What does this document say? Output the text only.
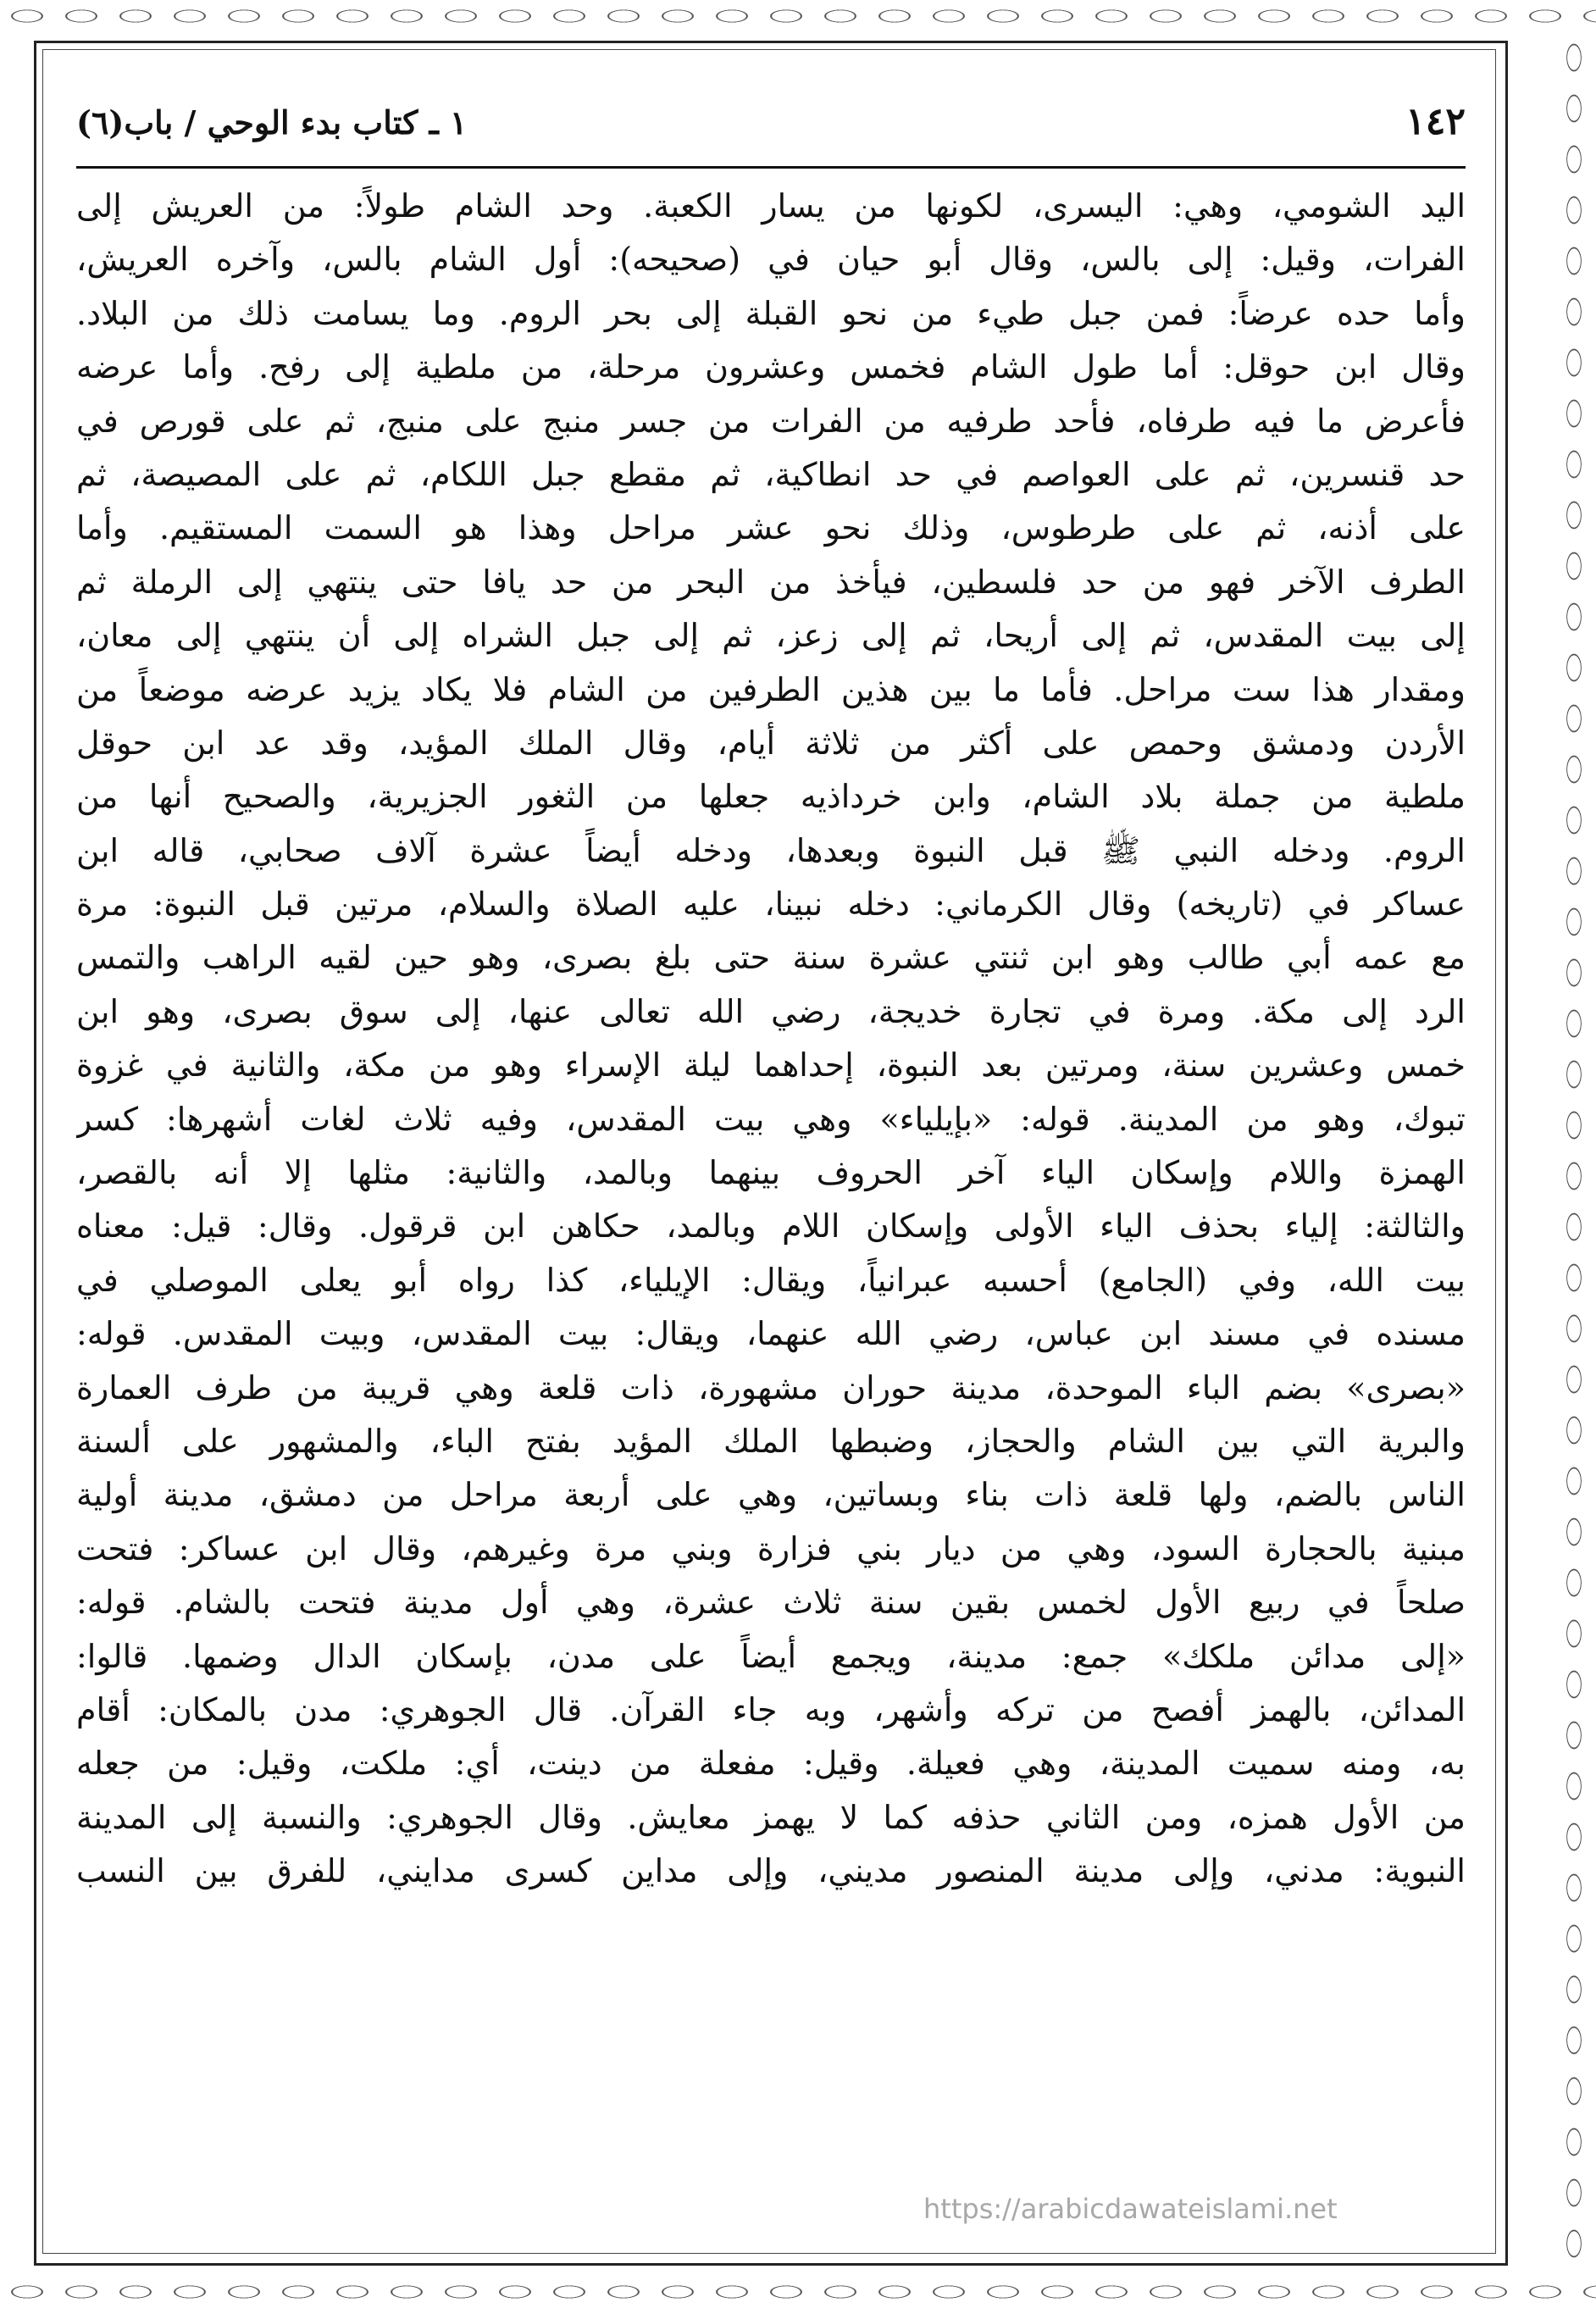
١٤٢
١ ـ كتاب بدء الوحي / باب(٦)
اليد الشومي، وهي: اليسرى، لكونها من يسار الكعبة. وحد الشام طولاً: من العريش إلى
الفرات، وقيل: إلى بالس، وقال أبو حيان في (صحيحه): أول الشام بالس، وآخره العريش،
وأما حده عرضاً: فمن جبل طيء من نحو القبلة إلى بحر الروم. وما يسامت ذلك من البلاد.
وقال ابن حوقل: أما طول الشام فخمس وعشرون مرحلة، من ملطية إلى رفح. وأما عرضه
فأعرض ما فيه طرفاه، فأحد طرفيه من الفرات من جسر منبج على منبج، ثم على قورص في
حد قنسرين، ثم على العواصم في حد انطاكية، ثم مقطع جبل اللكام، ثم على المصيصة، ثم
على أذنه، ثم على طرطوس، وذلك نحو عشر مراحل وهذا هو السمت المستقيم. وأما
الطرف الآخر فهو من حد فلسطين، فيأخذ من البحر من حد يافا حتى ينتهي إلى الرملة ثم
إلى بيت المقدس، ثم إلى أريحا، ثم إلى زعز، ثم إلى جبل الشراه إلى أن ينتهي إلى معان،
ومقدار هذا ست مراحل. فأما ما بين هذين الطرفين من الشام فلا يكاد يزيد عرضه موضعاً من
الأردن ودمشق وحمص على أكثر من ثلاثة أيام، وقال الملك المؤيد، وقد عد ابن حوقل
ملطية من جملة بلاد الشام، وابن خرداذيه جعلها من الثغور الجزيرية، والصحيح أنها من
الروم. ودخله النبي ﷺ قبل النبوة وبعدها، ودخله أيضاً عشرة آلاف صحابي، قاله ابن
عساكر في (تاريخه) وقال الكرماني: دخله نبينا، عليه الصلاة والسلام، مرتين قبل النبوة: مرة
مع عمه أبي طالب وهو ابن ثنتي عشرة سنة حتى بلغ بصرى، وهو حين لقيه الراهب والتمس
الرد إلى مكة. ومرة في تجارة خديجة، رضي الله تعالى عنها، إلى سوق بصرى، وهو ابن
خمس وعشرين سنة، ومرتين بعد النبوة، إحداهما ليلة الإسراء وهو من مكة، والثانية في غزوة
تبوك، وهو من المدينة. قوله: «بإيلياء» وهي بيت المقدس، وفيه ثلاث لغات أشهرها: كسر
الهمزة واللام وإسكان الياء آخر الحروف بينهما وبالمد، والثانية: مثلها إلا أنه بالقصر،
والثالثة: إلياء بحذف الياء الأولى وإسكان اللام وبالمد، حكاهن ابن قرقول. وقال: قيل: معناه
بيت الله، وفي (الجامع) أحسبه عبرانياً، ويقال: الإيلياء، كذا رواه أبو يعلى الموصلي في
مسنده في مسند ابن عباس، رضي الله عنهما، ويقال: بيت المقدس، وبيت المقدس. قوله:
«بصرى» بضم الباء الموحدة، مدينة حوران مشهورة، ذات قلعة وهي قريبة من طرف العمارة
والبرية التي بين الشام والحجاز، وضبطها الملك المؤيد بفتح الباء، والمشهور على ألسنة
الناس بالضم، ولها قلعة ذات بناء وبساتين، وهي على أربعة مراحل من دمشق، مدينة أولية
مبنية بالحجارة السود، وهي من ديار بني فزارة وبني مرة وغيرهم، وقال ابن عساكر: فتحت
صلحاً في ربيع الأول لخمس بقين سنة ثلاث عشرة، وهي أول مدينة فتحت بالشام. قوله:
«إلى مدائن ملكك» جمع: مدينة، ويجمع أيضاً على مدن، بإسكان الدال وضمها. قالوا:
المدائن، بالهمز أفصح من تركه وأشهر، وبه جاء القرآن. قال الجوهري: مدن بالمكان: أقام
به، ومنه سميت المدينة، وهي فعيلة. وقيل: مفعلة من دينت، أي: ملكت، وقيل: من جعله
من الأول همزه، ومن الثاني حذفه كما لا يهمز معايش. وقال الجوهري: والنسبة إلى المدينة
النبوية: مدني، وإلى مدينة المنصور مديني، وإلى مداين كسرى مدايني، للفرق بين النسب
https://arabicdawateislami.net
